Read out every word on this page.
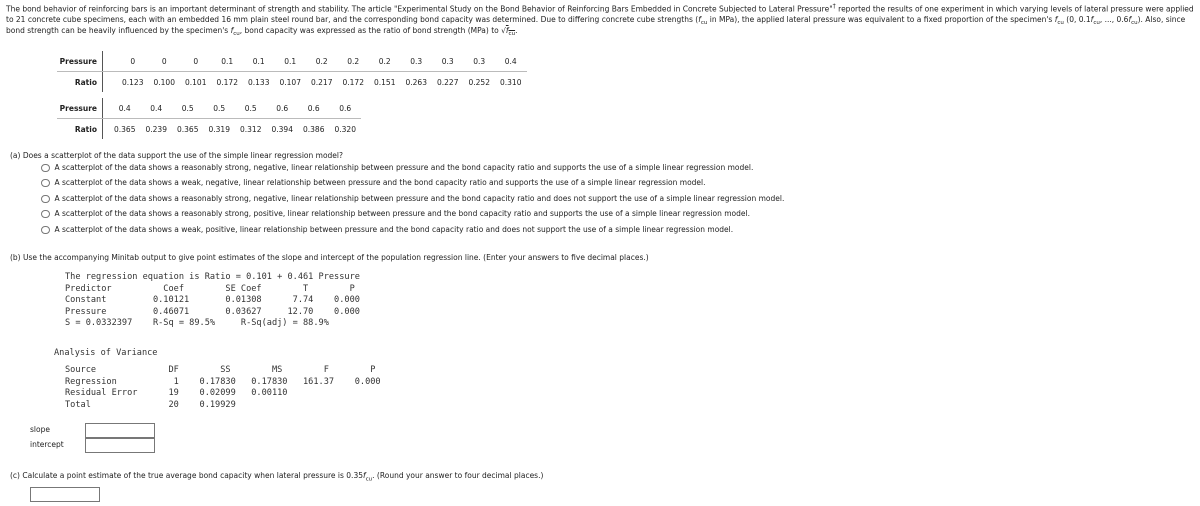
The bond behavior of reinforcing bars is an important determinant of strength and stability. The article "Experimental Study on the Bond Behavior of Reinforcing Bars Embedded in Concrete Subjected to Lateral Pressure"† reported the results of one experiment in which varying levels of lateral pressure were applied to 21 concrete cube specimens, each with an embedded 16 mm plain steel round bar, and the corresponding bond capacity was determined. Due to differing concrete cube strengths ($f_{cu}$ in MPa), the applied lateral pressure was equivalent to a fixed proportion of the specimen's $f_{cu}$ (0, $0.1f_{cu}$, ..., $0.6f_{cu}$). Also, since bond strength can be heavily influenced by the specimen's $f_{cu}$, bond capacity was expressed as the ratio of bond strength (MPa) to $√f_{cu}$.
Pressure		0	0	0	0.1	0.1	0.1	0.2	0.2	0.2	0.3	0.3	0.3	0.4
Ratio		0.123	0.100	0.101	0.172	0.133	0.107	0.217	0.172	0.151	0.263	0.227	0.252	0.310
Pressure		0.4	0.4	0.5	0.5	0.5	0.6	0.6	0.6
Ratio		0.365	0.239	0.365	0.319	0.312	0.394	0.386	0.320
(a) Does a scatterplot of the data support the use of the simple linear regression model?
A scatterplot of the data shows a reasonably strong, negative, linear relationship between pressure and the bond capacity ratio and supports the use of a simple linear regression model.
A scatterplot of the data shows a weak, negative, linear relationship between pressure and the bond capacity ratio and supports the use of a simple linear regression model.
A scatterplot of the data shows a reasonably strong, negative, linear relationship between pressure and the bond capacity ratio and does not support the use of a simple linear regression model.
A scatterplot of the data shows a reasonably strong, positive, linear relationship between pressure and the bond capacity ratio and supports the use of a simple linear regression model.
A scatterplot of the data shows a weak, positive, linear relationship between pressure and the bond capacity ratio and does not support the use of a simple linear regression model.
(b) Use the accompanying Minitab output to give point estimates of the slope and intercept of the population regression line. (Enter your answers to five decimal places.)
The regression equation is Ratio = 0.101 + 0.461 Pressure
Predictor          Coef        SE Coef        T        P
Constant         0.10121       0.01308      7.74    0.000
Pressure         0.46071       0.03627     12.70    0.000
S = 0.0332397    R-Sq = 89.5%     R-Sq(adj) = 88.9%
Analysis of Variance
Source              DF        SS        MS        F        P
Regression           1    0.17830   0.17830   161.37    0.000
Residual Error      19    0.02099   0.00110
Total               20    0.19929
slope
intercept
(c) Calculate a point estimate of the true average bond capacity when lateral pressure is $0.35f_{cu}$. (Round your answer to four decimal places.)
